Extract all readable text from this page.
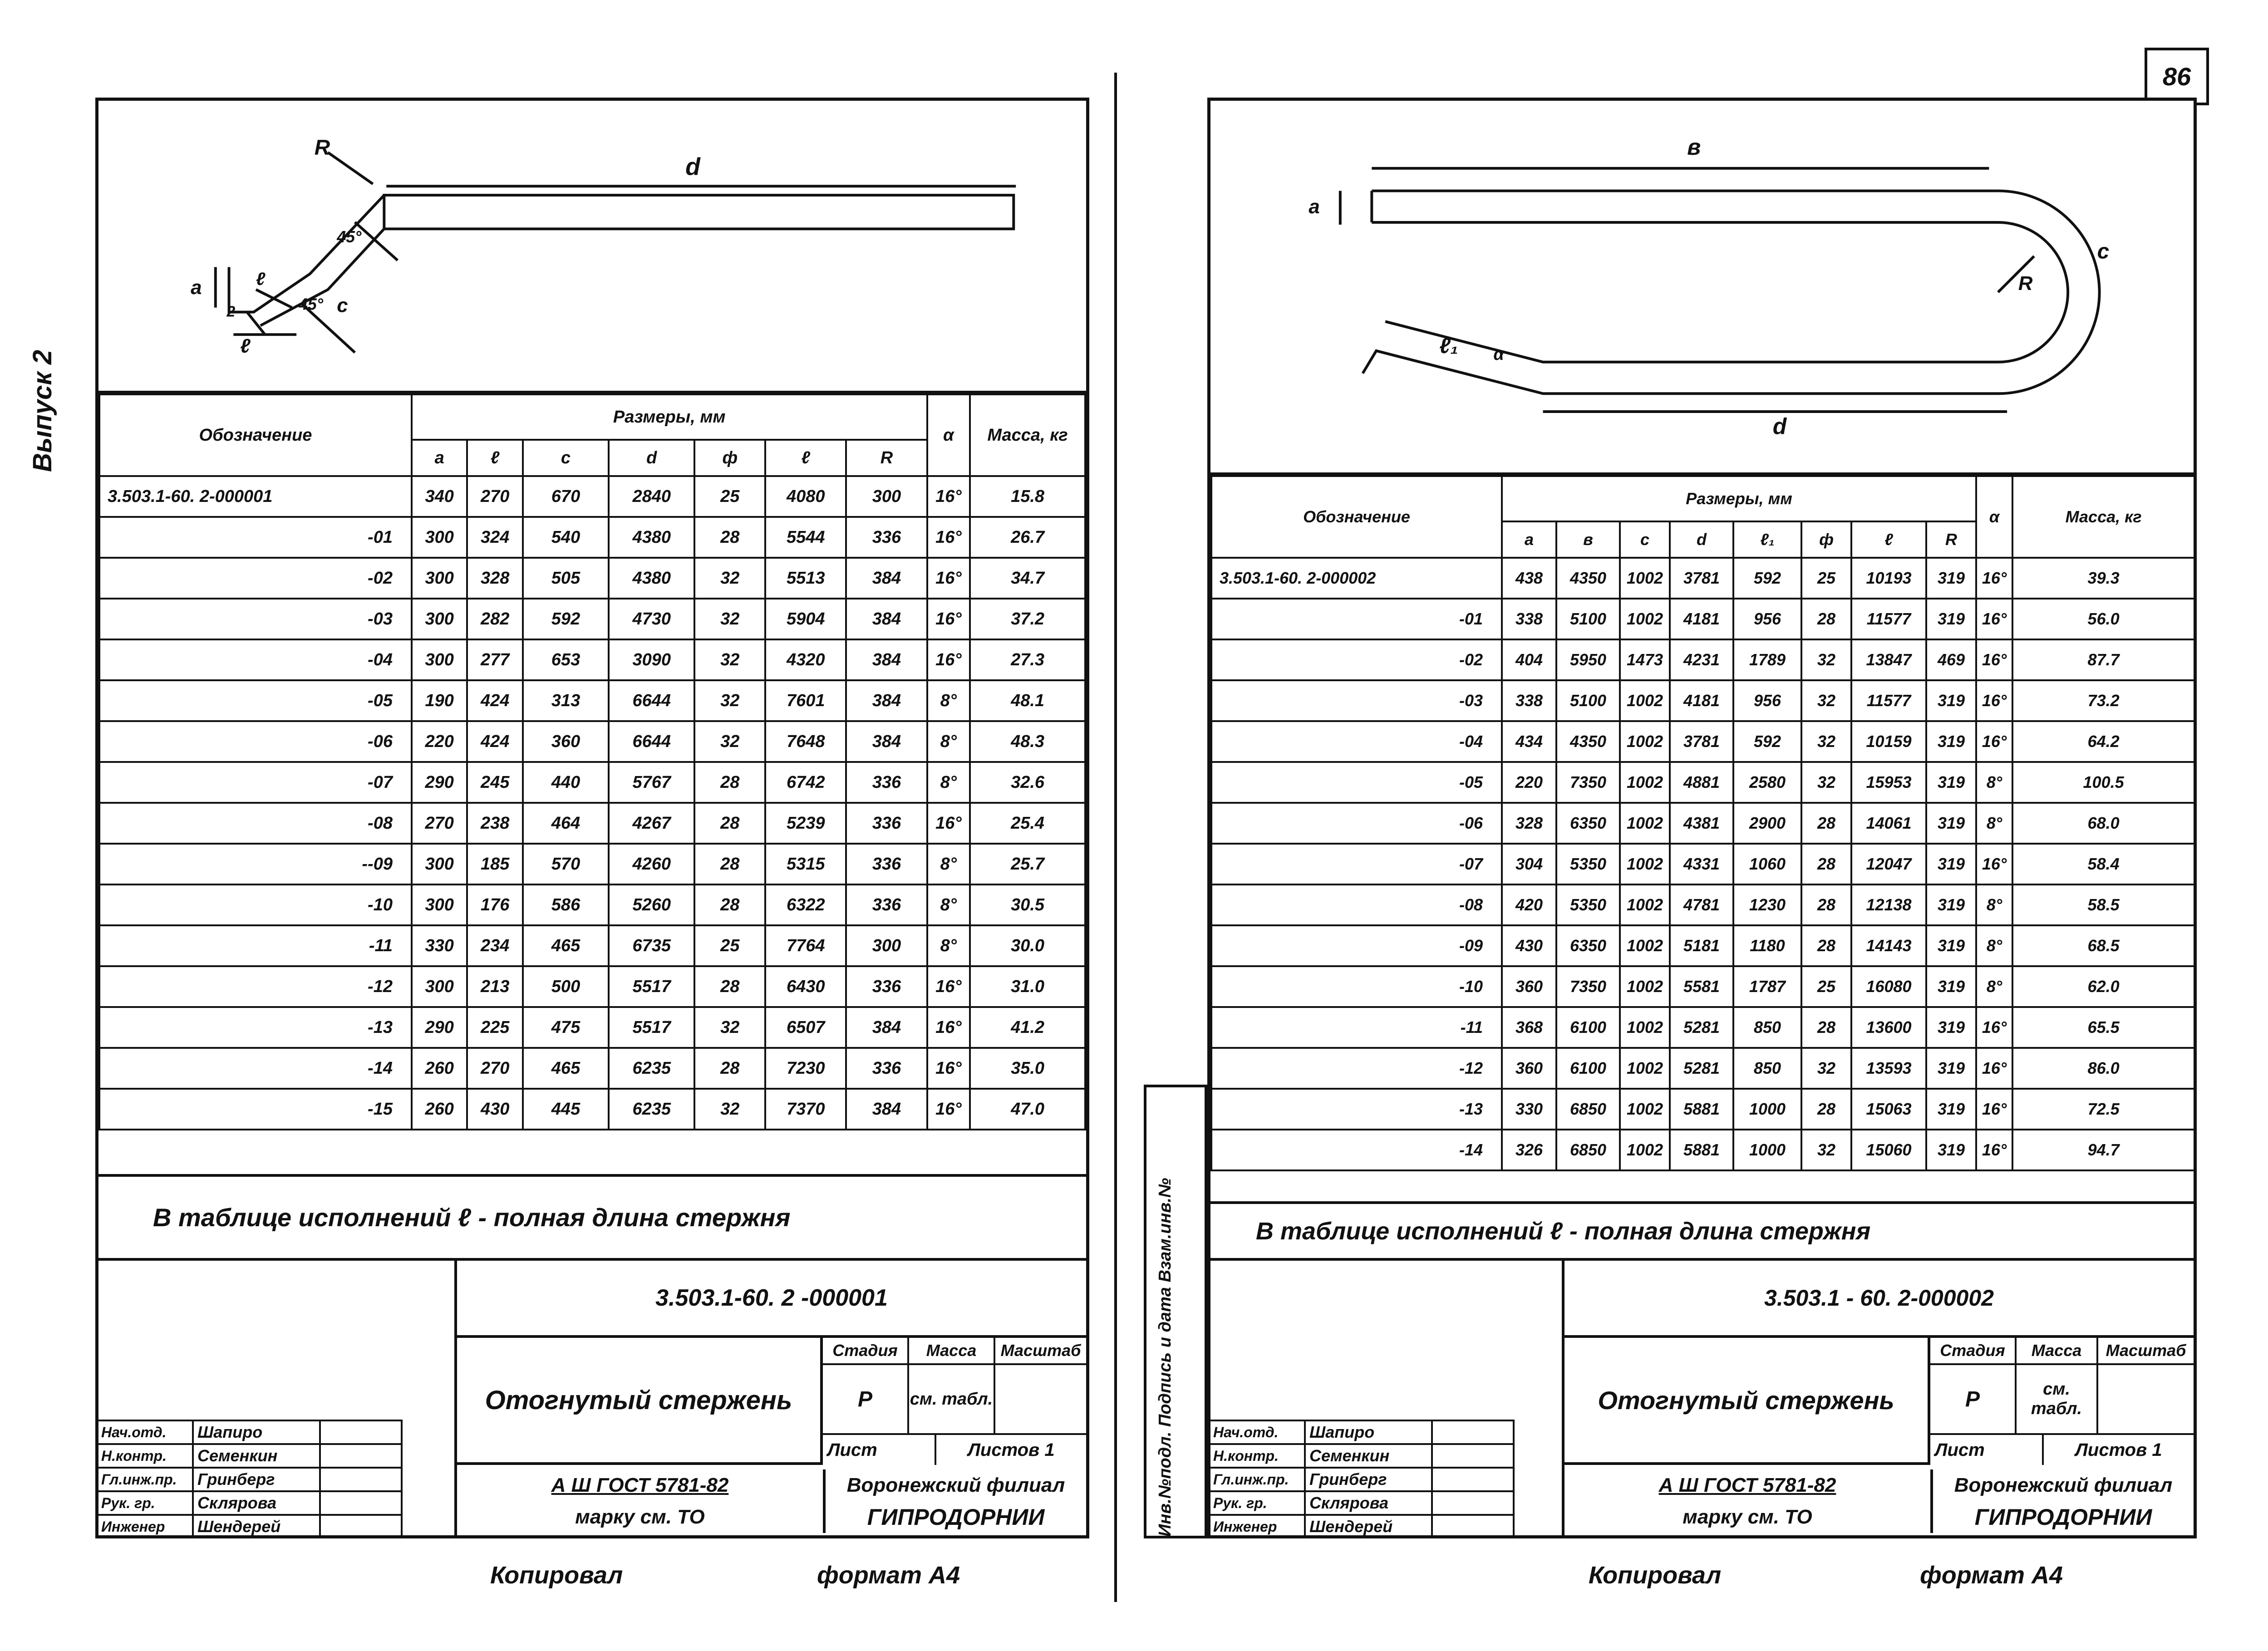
86
Выпуск 2
d
R
45°
c
45°
a
ℓ
ℓ
2
Обозначение	Размеры, мм							α	Масса, кг
	а	ℓ	с	d	ф	ℓ	R		
3.503.1-60. 2-000001	340	270	670	2840	25	4080	300	16°	15.8
-01	300	324	540	4380	28	5544	336	16°	26.7
-02	300	328	505	4380	32	5513	384	16°	34.7
-03	300	282	592	4730	32	5904	384	16°	37.2
-04	300	277	653	3090	32	4320	384	16°	27.3
-05	190	424	313	6644	32	7601	384	8°	48.1
-06	220	424	360	6644	32	7648	384	8°	48.3
-07	290	245	440	5767	28	6742	336	8°	32.6
-08	270	238	464	4267	28	5239	336	16°	25.4
--09	300	185	570	4260	28	5315	336	8°	25.7
-10	300	176	586	5260	28	6322	336	8°	30.5
-11	330	234	465	6735	25	7764	300	8°	30.0
-12	300	213	500	5517	28	6430	336	16°	31.0
-13	290	225	475	5517	32	6507	384	16°	41.2
-14	260	270	465	6235	28	7230	336	16°	35.0
-15	260	430	445	6235	32	7370	384	16°	47.0
В таблице исполнений ℓ - полная длина стержня
3.503.1-60. 2 -000001
Отогнутый стержень
Стадия	Масса	Масштаб
Р	см. табл.
Лист	Листов 1
А Ш ГОСТ 5781-82
марку см. ТО
Воронежский филиал
ГИПРОДОРНИИ
Нач.отд.	Шапиро
Н.контр.	Семенкин
Гл.инж.пр.	Гринберг
Рук. гр.	Склярова
Инженер	Шендерей
Копировал	формат А4
Инв.№подл. Подпись и дата Взам.инв.№
в
а
с
R
ℓ₁ α
d
Обозначение	Размеры, мм								α	Масса, кг
	а	в	с	d	ℓ₁	ф	ℓ	R		
3.503.1-60. 2-000002	438	4350	1002	3781	592	25	10193	319	16°	39.3
-01	338	5100	1002	4181	956	28	11577	319	16°	56.0
-02	404	5950	1473	4231	1789	32	13847	469	16°	87.7
-03	338	5100	1002	4181	956	32	11577	319	16°	73.2
-04	434	4350	1002	3781	592	32	10159	319	16°	64.2
-05	220	7350	1002	4881	2580	32	15953	319	8°	100.5
-06	328	6350	1002	4381	2900	28	14061	319	8°	68.0
-07	304	5350	1002	4331	1060	28	12047	319	16°	58.4
-08	420	5350	1002	4781	1230	28	12138	319	8°	58.5
-09	430	6350	1002	5181	1180	28	14143	319	8°	68.5
-10	360	7350	1002	5581	1787	25	16080	319	8°	62.0
-11	368	6100	1002	5281	850	28	13600	319	16°	65.5
-12	360	6100	1002	5281	850	32	13593	319	16°	86.0
-13	330	6850	1002	5881	1000	28	15063	319	16°	72.5
-14	326	6850	1002	5881	1000	32	15060	319	16°	94.7
В таблице исполнений ℓ - полная длина стержня
3.503.1 - 60. 2-000002
Отогнутый стержень
Стадия	Масса	Масштаб
Р	см. табл.
Лист	Листов 1
А Ш ГОСТ 5781-82
марку см. ТО
Воронежский филиал
ГИПРОДОРНИИ
Нач.отд.	Шапиро
Н.контр.	Семенкин
Гл.инж.пр.	Гринберг
Рук. гр.	Склярова
Инженер	Шендерей
Копировал	формат А4
